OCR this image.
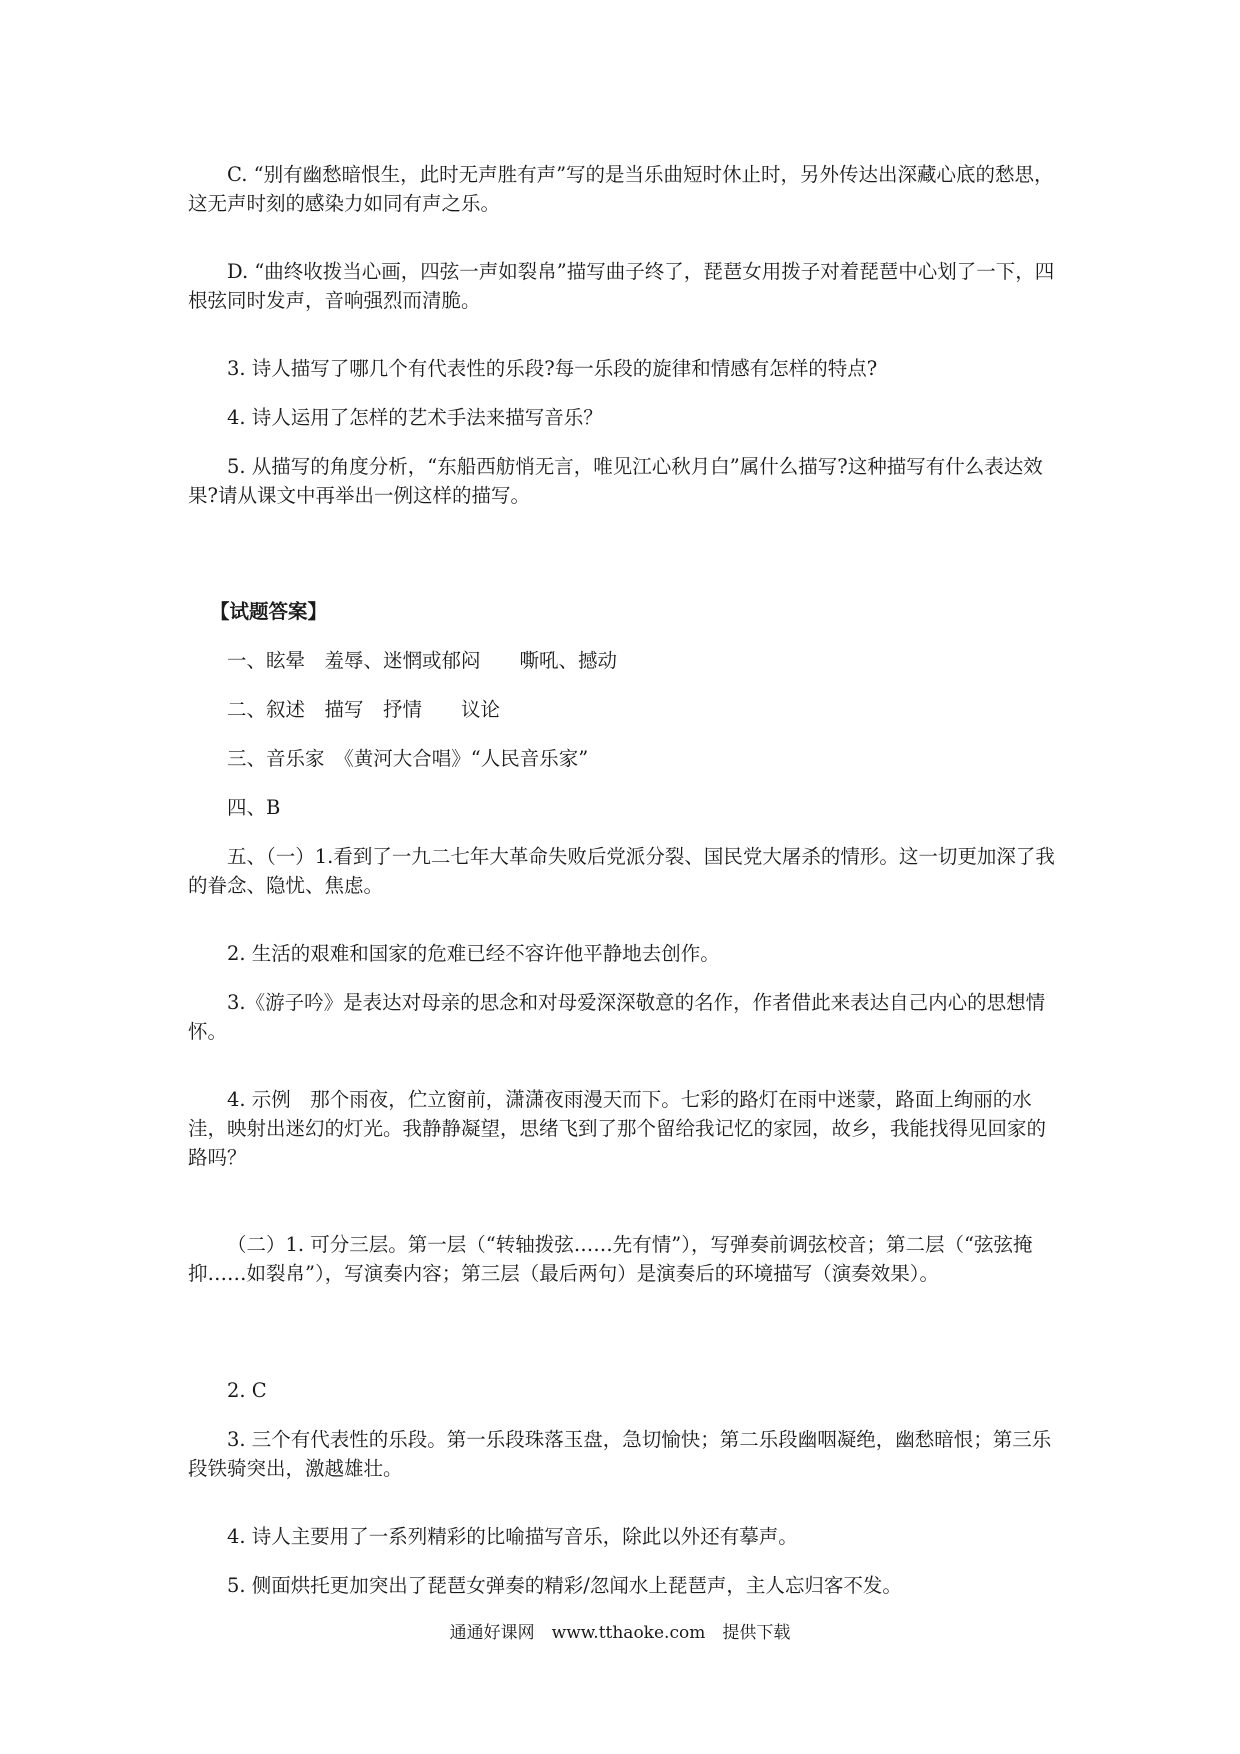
C. “别有幽愁暗恨生，此时无声胜有声”写的是当乐曲短时休止时，另外传达出深藏心底的愁思，这无声时刻的感染力如同有声之乐。

D. “曲终收拨当心画，四弦一声如裂帛”描写曲子终了，琵琶女用拨子对着琵琶中心划了一下，四根弦同时发声，音响强烈而清脆。

3. 诗人描写了哪几个有代表性的乐段?每一乐段的旋律和情感有怎样的特点?

4. 诗人运用了怎样的艺术手法来描写音乐？

5. 从描写的角度分析，“东船西舫悄无言，唯见江心秋月白”属什么描写?这种描写有什么表达效果?请从课文中再举出一例这样的描写。

【试题答案】

一、眩晕　羞辱、迷惘或郁闷　　嘶吼、撼动

二、叙述　描写　抒情　　议论

三、音乐家　《黄河大合唱》“人民音乐家”

四、B

五、（一）1.看到了一九二七年大革命失败后党派分裂、国民党大屠杀的情形。这一切更加深了我的眷念、隐忧、焦虑。

2. 生活的艰难和国家的危难已经不容许他平静地去创作。

3.《游子吟》是表达对母亲的思念和对母爱深深敬意的名作，作者借此来表达自己内心的思想情怀。

4. 示例　那个雨夜，伫立窗前，潇潇夜雨漫天而下。七彩的路灯在雨中迷蒙，路面上绚丽的水洼，映射出迷幻的灯光。我静静凝望，思绪飞到了那个留给我记忆的家园，故乡，我能找得见回家的路吗？

（二）1. 可分三层。第一层（“转轴拨弦……先有情”），写弹奏前调弦校音；第二层（“弦弦掩抑……如裂帛”），写演奏内容；第三层（最后两句）是演奏后的环境描写（演奏效果）。

2. C

3. 三个有代表性的乐段。第一乐段珠落玉盘，急切愉快；第二乐段幽咽凝绝，幽愁暗恨；第三乐段铁骑突出，激越雄壮。

4. 诗人主要用了一系列精彩的比喻描写音乐，除此以外还有摹声。

5. 侧面烘托更加突出了琵琶女弹奏的精彩/忽闻水上琵琶声，主人忘归客不发。

通通好课网　www.tthaoke.com　提供下载
